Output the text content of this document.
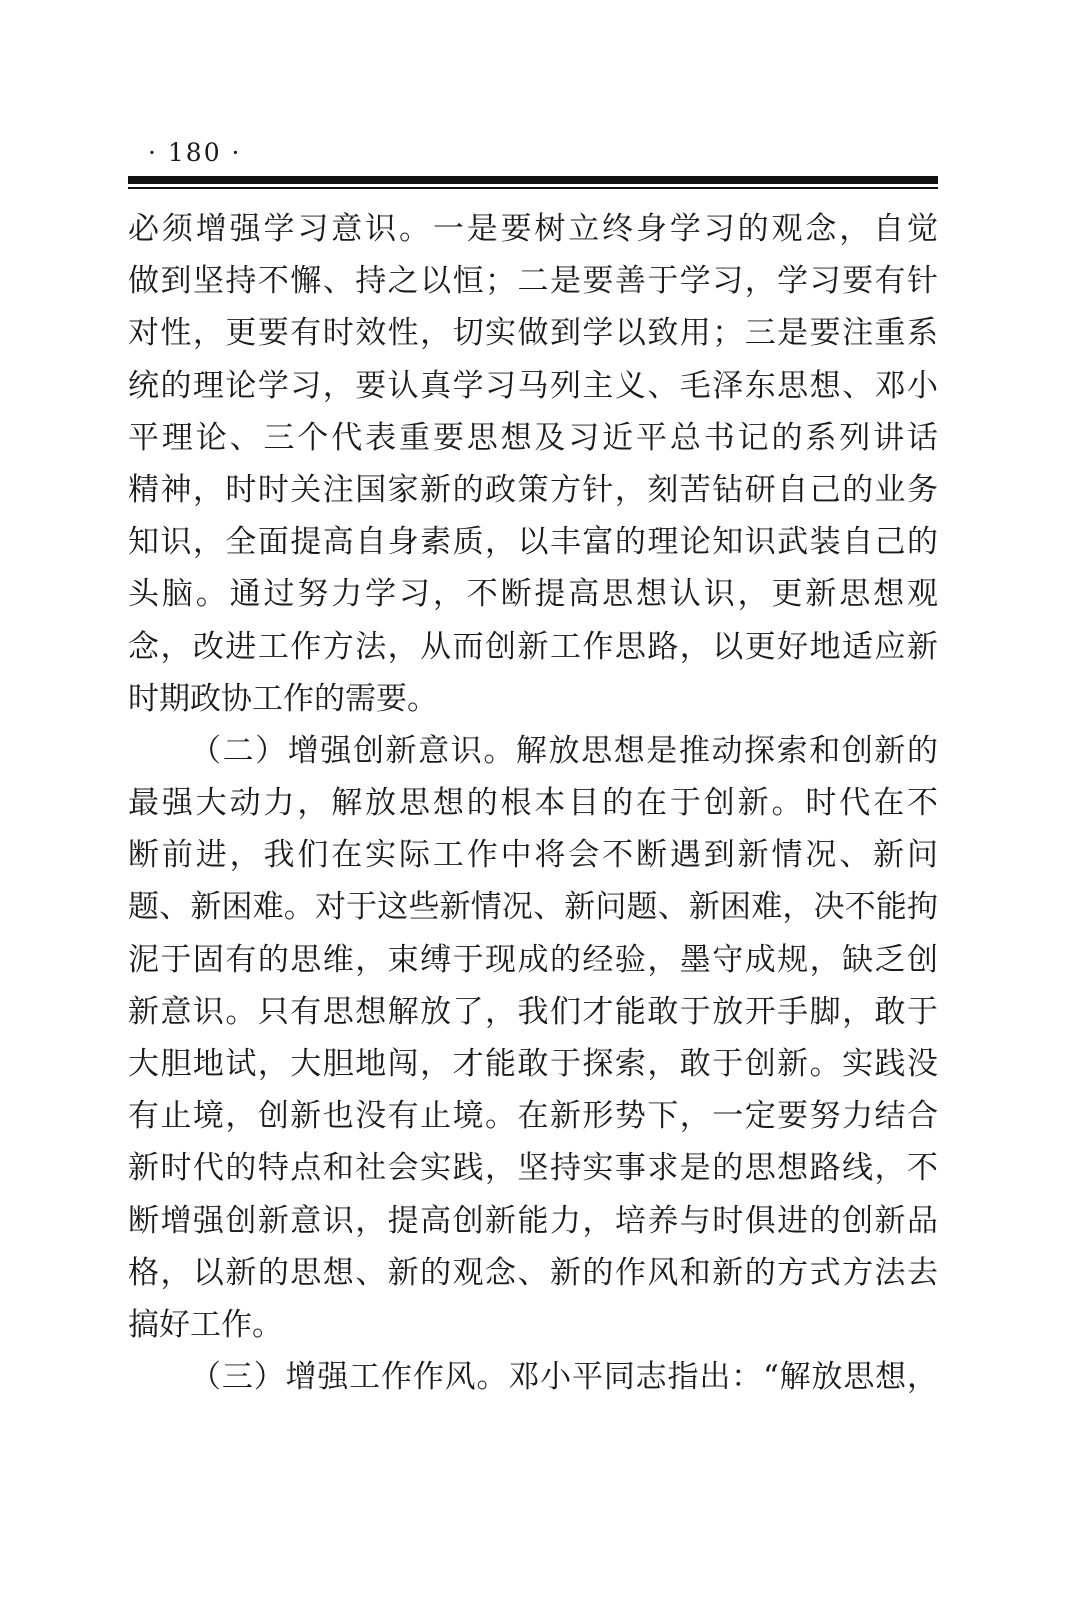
· 180 ·
必须增强学习意识。一是要树立终身学习的观念，自觉
做到坚持不懈、持之以恒；二是要善于学习，学习要有针
对性，更要有时效性，切实做到学以致用；三是要注重系
统的理论学习，要认真学习马列主义、毛泽东思想、邓小
平理论、三个代表重要思想及习近平总书记的系列讲话
精神，时时关注国家新的政策方针，刻苦钻研自己的业务
知识，全面提高自身素质，以丰富的理论知识武装自己的
头脑。通过努力学习，不断提高思想认识，更新思想观
念，改进工作方法，从而创新工作思路，以更好地适应新
时期政协工作的需要。
（二）增强创新意识。解放思想是推动探索和创新的
最强大动力，解放思想的根本目的在于创新。时代在不
断前进，我们在实际工作中将会不断遇到新情况、新问
题、新困难。对于这些新情况、新问题、新困难，决不能拘
泥于固有的思维，束缚于现成的经验，墨守成规，缺乏创
新意识。只有思想解放了，我们才能敢于放开手脚，敢于
大胆地试，大胆地闯，才能敢于探索，敢于创新。实践没
有止境，创新也没有止境。在新形势下，一定要努力结合
新时代的特点和社会实践，坚持实事求是的思想路线，不
断增强创新意识，提高创新能力，培养与时俱进的创新品
格，以新的思想、新的观念、新的作风和新的方式方法去
搞好工作。
（三）增强工作作风。邓小平同志指出：“解放思想，
